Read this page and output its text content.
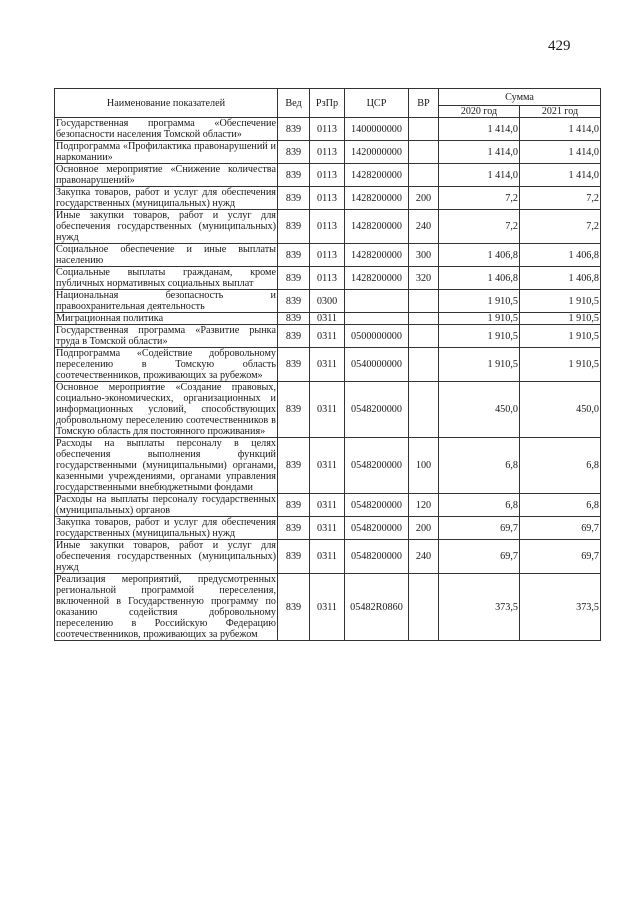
429
Наименование показателей	Вед	РзПр	ЦСР	ВР	Сумма	
					2020 год	2021 год
Государственная программа «Обеспечение безопасности населения Томской области»	839	0113	1400000000		1 414,0	1 414,0
Подпрограмма «Профилактика правонарушений и наркомании»	839	0113	1420000000		1 414,0	1 414,0
Основное мероприятие «Снижение количества правонарушений»	839	0113	1428200000		1 414,0	1 414,0
Закупка товаров, работ и услуг для обеспечения государственных (муниципальных) нужд	839	0113	1428200000	200	7,2	7,2
Иные закупки товаров, работ и услуг для обеспечения государственных (муниципальных) нужд	839	0113	1428200000	240	7,2	7,2
Социальное обеспечение и иные выплаты населению	839	0113	1428200000	300	1 406,8	1 406,8
Социальные выплаты гражданам, кроме публичных нормативных социальных выплат	839	0113	1428200000	320	1 406,8	1 406,8
Национальная безопасность и правоохранительная деятельность	839	0300			1 910,5	1 910,5
Миграционная политика	839	0311			1 910,5	1 910,5
Государственная программа «Развитие рынка труда в Томской области»	839	0311	0500000000		1 910,5	1 910,5
Подпрограмма «Содействие добровольному переселению в Томскую область соотечественников, проживающих за рубежом»	839	0311	0540000000		1 910,5	1 910,5
Основное мероприятие «Создание правовых, социально-экономических, организационных и информационных условий, способствующих добровольному переселению соотечественников в Томскую область для постоянного проживания»	839	0311	0548200000		450,0	450,0
Расходы на выплаты персоналу в целях обеспечения выполнения функций государственными (муниципальными) органами, казенными учреждениями, органами управления государственными внебюджетными фондами	839	0311	0548200000	100	6,8	6,8
Расходы на выплаты персоналу государственных (муниципальных) органов	839	0311	0548200000	120	6,8	6,8
Закупка товаров, работ и услуг для обеспечения государственных (муниципальных) нужд	839	0311	0548200000	200	69,7	69,7
Иные закупки товаров, работ и услуг для обеспечения государственных (муниципальных) нужд	839	0311	0548200000	240	69,7	69,7
Реализация мероприятий, предусмотренных региональной программой переселения, включенной в Государственную программу по оказанию содействия добровольному переселению в Российскую Федерацию соотечественников, проживающих за рубежом	839	0311	05482R0860		373,5	373,5
